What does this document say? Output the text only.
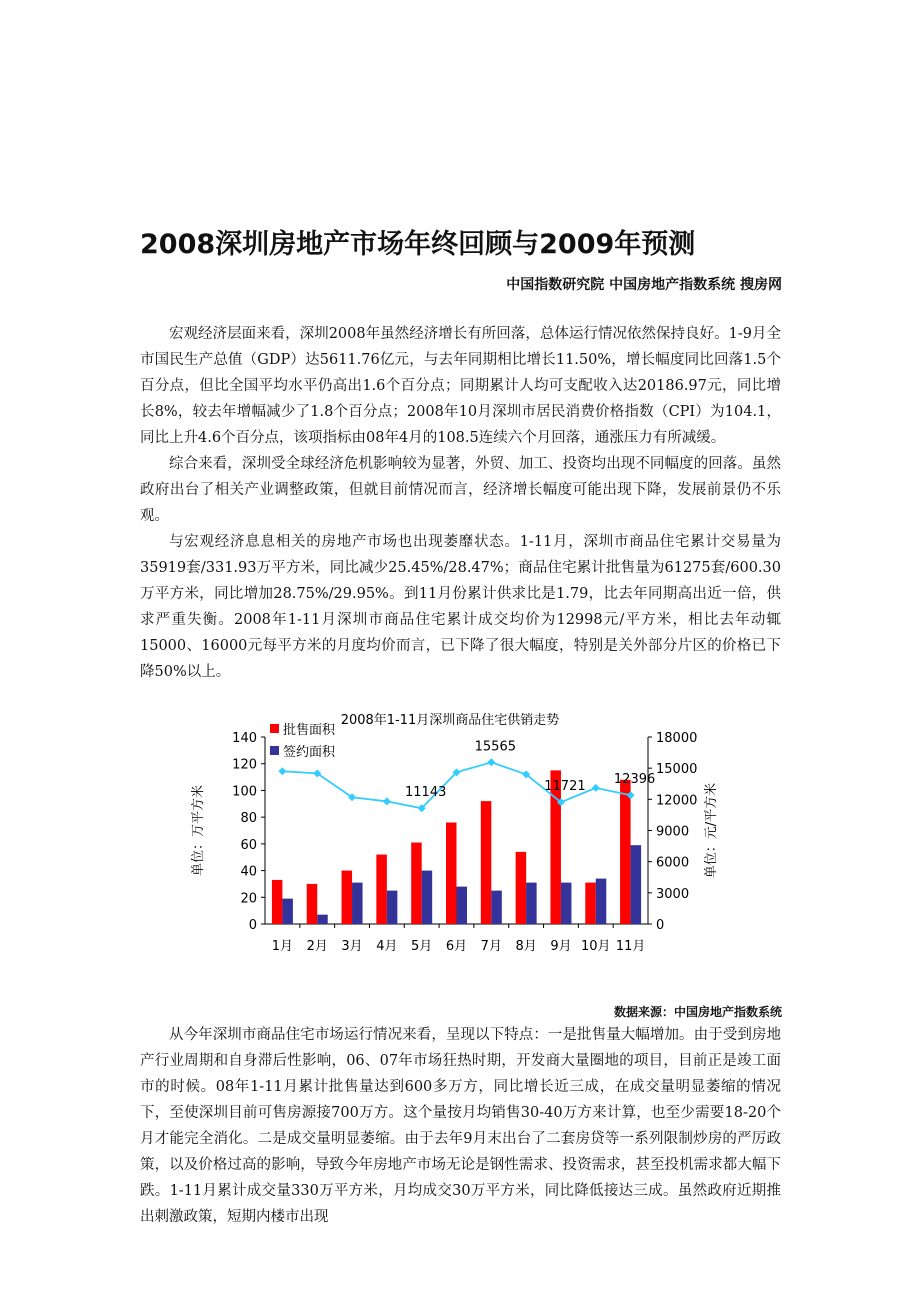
2008深圳房地产市场年终回顾与2009年预测

中国指数研究院 中国房地产指数系统 搜房网

宏观经济层面来看，深圳2008年虽然经济增长有所回落，总体运行情况依然保持良好。1-9月全市国民生产总值（GDP）达5611.76亿元，与去年同期相比增长11.50%，增长幅度同比回落1.5个百分点，但比全国平均水平仍高出1.6个百分点；同期累计人均可支配收入达20186.97元，同比增长8%，较去年增幅减少了1.8个百分点；2008年10月深圳市居民消费价格指数（CPI）为104.1，同比上升4.6个百分点，该项指标由08年4月的108.5连续六个月回落，通涨压力有所减缓。

综合来看，深圳受全球经济危机影响较为显著，外贸、加工、投资均出现不同幅度的回落。虽然政府出台了相关产业调整政策，但就目前情况而言，经济增长幅度可能出现下降，发展前景仍不乐观。

与宏观经济息息相关的房地产市场也出现萎靡状态。1-11月，深圳市商品住宅累计交易量为35919套/331.93万平方米，同比减少25.45%/28.47%；商品住宅累计批售量为61275套/600.30万平方米，同比增加28.75%/29.95%。到11月份累计供求比是1.79，比去年同期高出近一倍，供求严重失衡。2008年1-11月深圳市商品住宅累计成交均价为12998元/平方米，相比去年动辄15000、16000元每平方米的月度均价而言，已下降了很大幅度，特别是关外部分片区的价格已下降50%以上。

2008年1-11月深圳商品住宅供销走势
0
20
40
60
80
100
120
140
0
3000
6000
9000
12000
15000
18000
单位：万平方米	单位：元/平方米
1月 2月 3月 4月 5月 6月 7月 8月 9月 10月 11月
11143
15565
11721 12396
批售面积
签约面积

数据来源：中国房地产指数系统

从今年深圳市商品住宅市场运行情况来看，呈现以下特点：一是批售量大幅增加。由于受到房地产行业周期和自身滞后性影响，06、07年市场狂热时期，开发商大量圈地的项目，目前正是竣工面市的时候。08年1-11月累计批售量达到600多万方，同比增长近三成，在成交量明显萎缩的情况下，至使深圳目前可售房源接700万方。这个量按月均销售30-40万方来计算，也至少需要18-20个月才能完全消化。二是成交量明显萎缩。由于去年9月末出台了二套房贷等一系列限制炒房的严厉政策，以及价格过高的影响，导致今年房地产市场无论是钢性需求、投资需求，甚至投机需求都大幅下跌。1-11月累计成交量330万平方米，月均成交30万平方米，同比降低接达三成。虽然政府近期推出刺激政策，短期内楼市出现
